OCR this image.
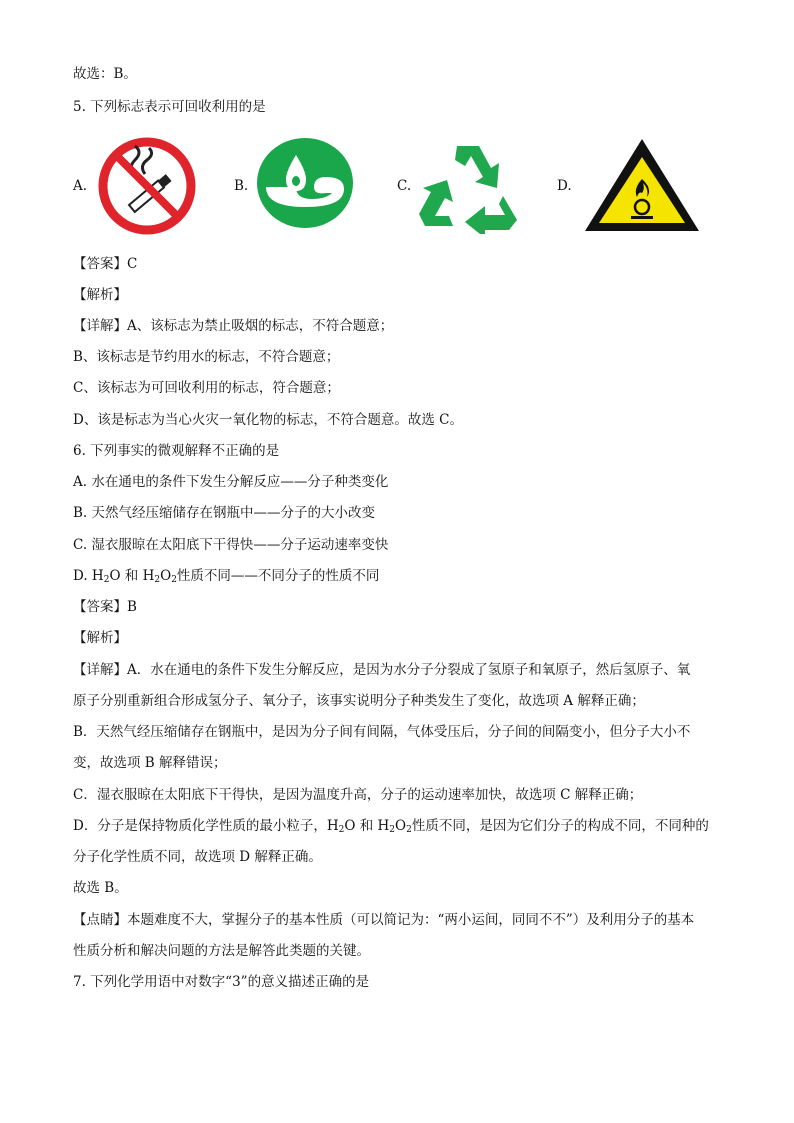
故选：B。
5. 下列标志表示可回收利用的是
A.	B.	C.	D.
【答案】C
【解析】
【详解】A、该标志为禁止吸烟的标志，不符合题意；
B、该标志是节约用水的标志，不符合题意；
C、该标志为可回收利用的标志，符合题意；
D、该是标志为当心火灾一氧化物的标志，不符合题意。故选 C。
6. 下列事实的微观解释不正确的是
A. 水在通电的条件下发生分解反应——分子种类变化
B. 天然气经压缩储存在钢瓶中——分子的大小改变
C. 湿衣服晾在太阳底下干得快——分子运动速率变快
D. $H_2O$ 和 $H_2O_2$性质不同——不同分子的性质不同
【答案】B
【解析】
【详解】A．水在通电的条件下发生分解反应，是因为水分子分裂成了氢原子和氧原子，然后氢原子、氧
原子分别重新组合形成氢分子、氧分子，该事实说明分子种类发生了变化，故选项 A 解释正确；
B．天然气经压缩储存在钢瓶中，是因为分子间有间隔，气体受压后，分子间的间隔变小，但分子大小不
变，故选项 B 解释错误；
C．湿衣服晾在太阳底下干得快，是因为温度升高，分子的运动速率加快，故选项 C 解释正确；
D．分子是保持物质化学性质的最小粒子，$H_2O$ 和 $H_2O_2$性质不同，是因为它们分子的构成不同，不同种的
分子化学性质不同，故选项 D 解释正确。
故选 B。
【点睛】本题难度不大，掌握分子的基本性质（可以简记为：“两小运间，同同不不”）及利用分子的基本
性质分析和解决问题的方法是解答此类题的关键。
7. 下列化学用语中对数字“3”的意义描述正确的是
